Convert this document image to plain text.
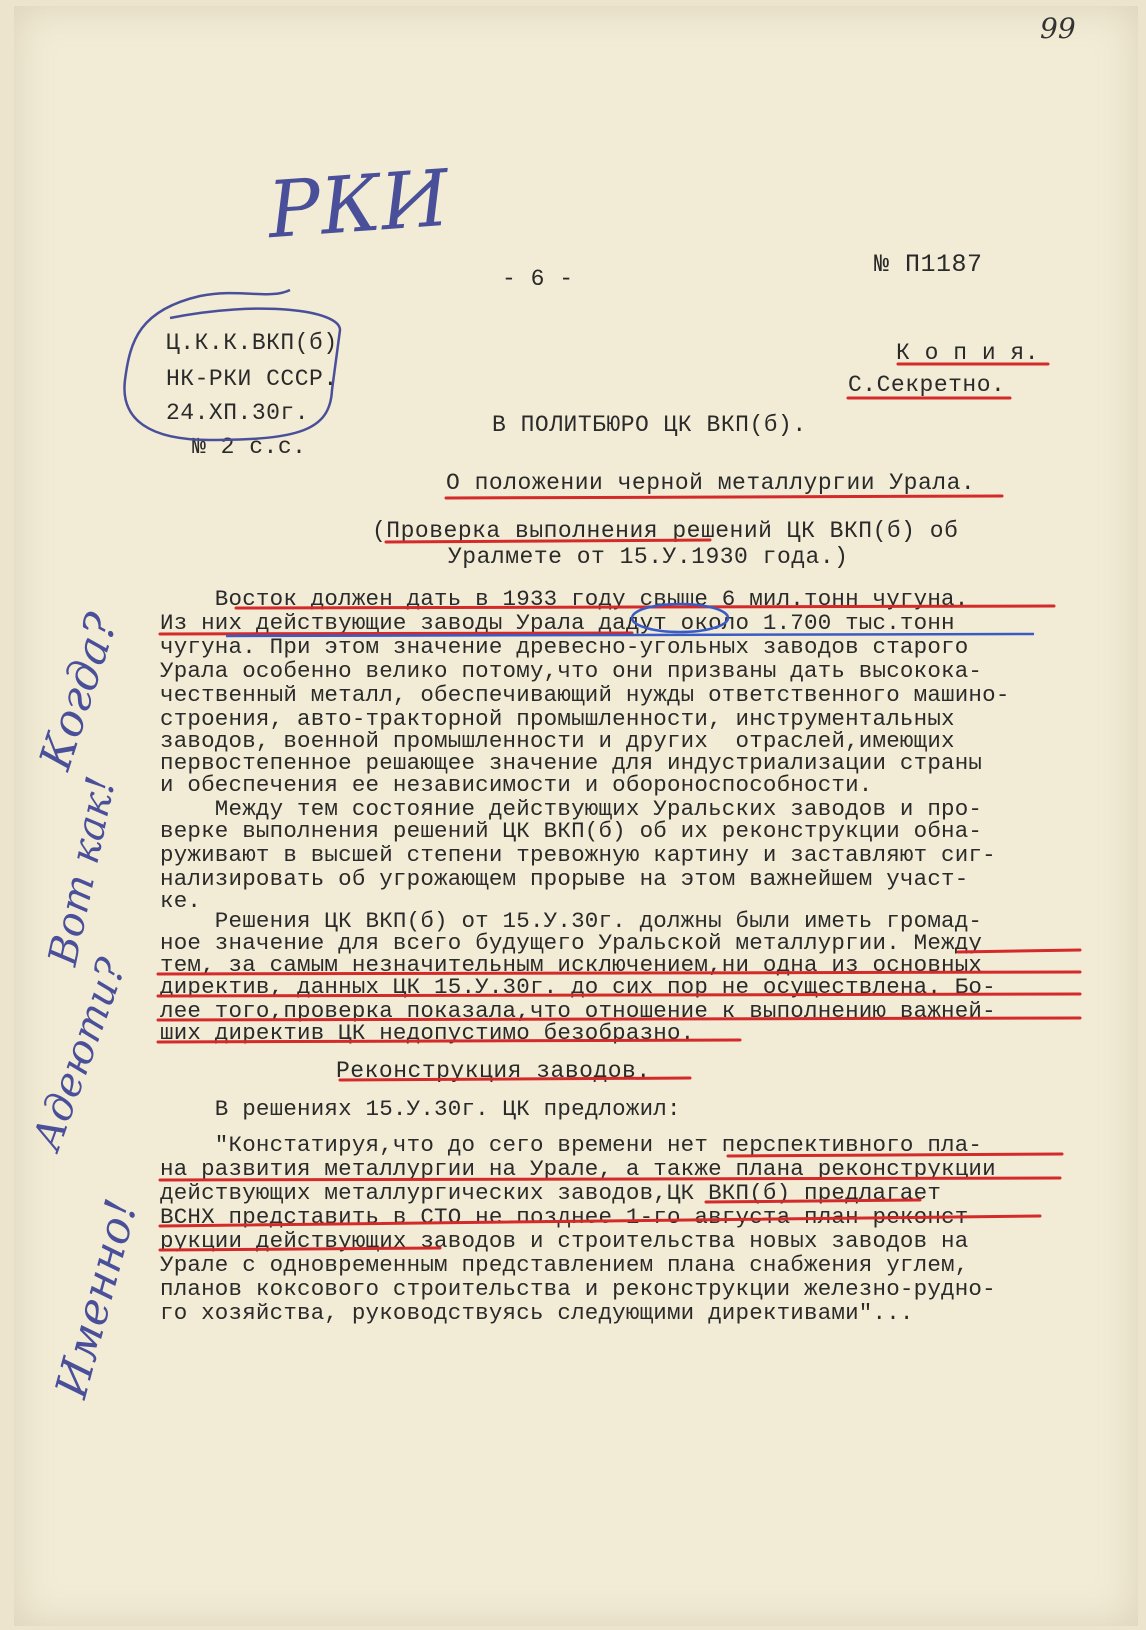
99
РКИ
- 6 -	№ П1187
Ц.К.К.ВКП(б)
НК-РКИ СССР.
24.ХП.30г.
№ 2 с.с.
К о п и я.
С.Секретно.
В ПОЛИТБЮРО ЦК ВКП(б).
О положении черной металлургии Урала.
(Проверка выполнения решений ЦК ВКП(б) об
Уралмете от 15.У.1930 года.)
Восток должен дать в 1933 году свыше 6 мил.тонн чугуна.
Из них действующие заводы Урала дадут около 1.700 тыс.тонн
чугуна. При этом значение древесно-угольных заводов старого
Урала особенно велико потому,что они призваны дать высококa-
чественный металл, обеспечивающий нужды ответственного машино-
строения, авто-тракторной промышленности, инструментальных
заводов, военной промышленности и других  отраслей,имеющих
первостепенное решающее значение для индустриализации страны
и обеспечения ее независимости и обороноспособности.
Между тем состояние действующих Уральских заводов и про-
верке выполнения решений ЦК ВКП(б) об их реконструкции обна-
руживают в высшей степени тревожную картину и заставляют сиг-
нализировать об угрожающем прорыве на этом важнейшем участ-
ке.
Решения ЦК ВКП(б) от 15.У.30г. должны были иметь громад-
ное значение для всего будущего Уральской металлургии. Между
тем, за самым незначительным исключением,ни одна из основных
директив, данных ЦК 15.У.30г. до сих пор не осуществлена. Бо-
лее того,проверка показала,что отношение к выполнению важней-
ших директив ЦК недопустимо безобразно.
Реконструкция заводов.
В решениях 15.У.30г. ЦК предложил:
"Констатируя,что до сего времени нет перспективного пла-
на развития металлургии на Урале, а также плана реконструкции
действующих металлургических заводов,ЦК ВКП(б) предлагает
ВСНХ представить в СТО не позднее 1-го августа план реконст-
рукции действующих заводов и строительства новых заводов на
Урале с одновременным представлением плана снабжения углем,
планов коксового строительства и реконструкции железно-рудно-
го хозяйства, руководствуясь следующими директивами"...
Когда?
Вот как!
Адеюти?
Именно!
